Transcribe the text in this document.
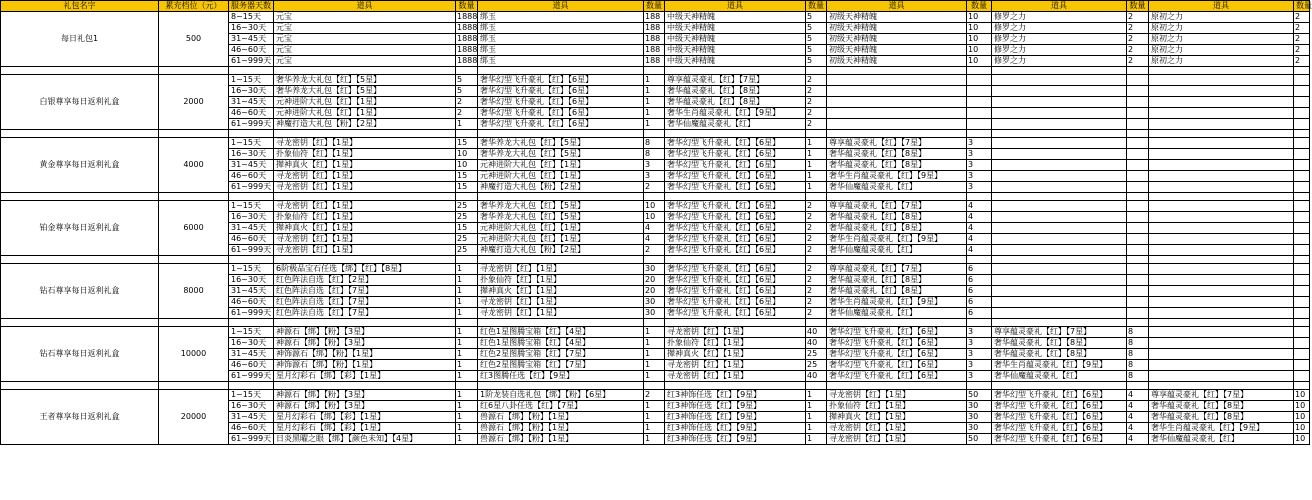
礼包名字	累充档位（元）	服务器天数	道具	数量	道具	数量	道具	数量	道具	数量	道具	数量	道具	数量
每日礼包1	500	8~15天	元宝	1888	绑玉	188	中级天神精魄	5	初级天神精魄	10	修罗之力	2	原初之力	2
		16~30天	元宝	1888	绑玉	188	中级天神精魄	5	初级天神精魄	10	修罗之力	2	原初之力	2
		31~45天	元宝	1888	绑玉	188	中级天神精魄	5	初级天神精魄	10	修罗之力	2	原初之力	2
		46~60天	元宝	1888	绑玉	188	中级天神精魄	5	初级天神精魄	10	修罗之力	2	原初之力	2
		61~999天	元宝	1888	绑玉	188	中级天神精魄	5	初级天神精魄	10	修罗之力	2	原初之力	2

白银尊享每日返利礼盒	2000	1~15天	奢华养龙大礼包【红】【5星】	5	奢华幻型飞升豪礼【红】【6星】	1	尊享蕴灵豪礼【红】【7星】	2						
		16~30天	奢华养龙大礼包【红】【5星】	5	奢华幻型飞升豪礼【红】【6星】	1	奢华蕴灵豪礼【红】【8星】	2						
		31~45天	元神进阶大礼包【红】【1星】	2	奢华幻型飞升豪礼【红】【6星】	1	奢华蕴灵豪礼【红】【8星】	2						
		46~60天	元神进阶大礼包【红】【1星】	2	奢华幻型飞升豪礼【红】【6星】	1	奢华生肖蕴灵豪礼【红】【9星】	2						
		61~999天	神魔打造大礼包【粉】【2星】	1	奢华幻型飞升豪礼【红】【6星】	1	奢华仙魔蕴灵豪礼【红】	2						

黄金尊享每日返利礼盒	4000	1~15天	寻龙密钥【红】【1星】	15	奢华养龙大礼包【红】【5星】	8	奢华幻型飞升豪礼【红】【6星】	1	尊享蕴灵豪礼【红】【7星】	3				
		16~30天	扑象仙符【红】【1星】	10	奢华养龙大礼包【红】【5星】	8	奢华幻型飞升豪礼【红】【6星】	1	奢华蕴灵豪礼【红】【8星】	3				
		31~45天	撵神真火【红】【1星】	10	元神进阶大礼包【红】【1星】	3	奢华幻型飞升豪礼【红】【6星】	1	奢华蕴灵豪礼【红】【8星】	3				
		46~60天	寻龙密钥【红】【1星】	15	元神进阶大礼包【红】【1星】	3	奢华幻型飞升豪礼【红】【6星】	1	奢华生肖蕴灵豪礼【红】【9星】	3				
		61~999天	寻龙密钥【红】【1星】	15	神魔打造大礼包【粉】【2星】	2	奢华幻型飞升豪礼【红】【6星】	1	奢华仙魔蕴灵豪礼【红】	3				

铂金尊享每日返利礼盒	6000	1~15天	寻龙密钥【红】【1星】	25	奢华养龙大礼包【红】【5星】	10	奢华幻型飞升豪礼【红】【6星】	2	尊享蕴灵豪礼【红】【7星】	4				
		16~30天	扑象仙符【红】【1星】	25	奢华养龙大礼包【红】【5星】	10	奢华幻型飞升豪礼【红】【6星】	2	奢华蕴灵豪礼【红】【8星】	4				
		31~45天	撵神真火【红】【1星】	15	元神进阶大礼包【红】【1星】	4	奢华幻型飞升豪礼【红】【6星】	2	奢华蕴灵豪礼【红】【8星】	4				
		46~60天	寻龙密钥【红】【1星】	25	元神进阶大礼包【红】【1星】	4	奢华幻型飞升豪礼【红】【6星】	2	奢华生肖蕴灵豪礼【红】【9星】	4				
		61~999天	寻龙密钥【红】【1星】	25	神魔打造大礼包【粉】【2星】	2	奢华幻型飞升豪礼【红】【6星】	2	奢华仙魔蕴灵豪礼【红】	4				

钻石尊享每日返利礼盒	8000	1~15天	6阶极品宝石任选【绑】【红】【8星】	1	寻龙密钥【红】【1星】	30	奢华幻型飞升豪礼【红】【6星】	2	尊享蕴灵豪礼【红】【7星】	6				
		16~30天	红色阵法自选【红】【2星】	1	扑象仙符【红】【1星】	20	奢华幻型飞升豪礼【红】【6星】	2	奢华蕴灵豪礼【红】【8星】	6				
		31~45天	红色阵法自选【红】【7星】	1	撵神真火【红】【1星】	20	奢华幻型飞升豪礼【红】【6星】	2	奢华蕴灵豪礼【红】【8星】	6				
		46~60天	红色阵法自选【红】【7星】	1	寻龙密钥【红】【1星】	30	奢华幻型飞升豪礼【红】【6星】	2	奢华生肖蕴灵豪礼【红】【9星】	6				
		61~999天	红色阵法自选【红】【7星】	1	寻龙密钥【红】【1星】	30	奢华幻型飞升豪礼【红】【6星】	2	奢华仙魔蕴灵豪礼【红】	6				

钻石尊享每日返利礼盒	10000	1~15天	神源石【绑】【粉】【3星】	1	红色1星图腾宝箱【红】【4星】	1	寻龙密钥【红】【1星】	40	奢华幻型飞升豪礼【红】【6星】	3	尊享蕴灵豪礼【红】【7星】	8		
		16~30天	神源石【绑】【粉】【3星】	1	红色1星图腾宝箱【红】【4星】	1	扑象仙符【红】【1星】	40	奢华幻型飞升豪礼【红】【6星】	3	奢华蕴灵豪礼【红】【8星】	8		
		31~45天	神饰源石【绑】【粉】【1星】	1	红色2星图腾宝箱【红】【7星】	1	撵神真火【红】【1星】	25	奢华幻型飞升豪礼【红】【6星】	3	奢华蕴灵豪礼【红】【8星】	8		
		46~60天	神饰源石【绑】【粉】【1星】	1	红色2星图腾宝箱【红】【7星】	1	寻龙密钥【红】【1星】	25	奢华幻型飞升豪礼【红】【6星】	3	奢华生肖蕴灵豪礼【红】【9星】	8		
		61~999天	星月幻彩石【绑】【彩】【1星】	1	红3图腾任选【红】【9星】	1	寻龙密钥【红】【1星】	40	奢华幻型飞升豪礼【红】【6星】	3	奢华仙魔蕴灵豪礼【红】	8		

王者尊享每日返利礼盒	20000	1~15天	神源石【绑】【粉】【3星】	1	1阶龙装自选礼包【绑】【粉】【6星】	2	红3神饰任选【红】【9星】	1	寻龙密钥【红】【1星】	50	奢华幻型飞升豪礼【红】【6星】	4	尊享蕴灵豪礼【红】【7星】	10
		16~30天	神源石【绑】【粉】【3星】	1	红6星八卦任选【红】【7星】	1	红3神饰任选【红】【9星】	1	扑象仙符【红】【1星】	30	奢华幻型飞升豪礼【红】【6星】	4	奢华蕴灵豪礼【红】【8星】	10
		31~45天	星月幻彩石【绑】【彩】【1星】	1	兽源石【绑】【粉】【1星】	1	红3神饰任选【红】【9星】	1	撵神真火【红】【1星】	30	奢华幻型飞升豪礼【红】【6星】	4	奢华蕴灵豪礼【红】【8星】	10
		46~60天	星月幻彩石【绑】【彩】【1星】	1	兽源石【绑】【粉】【1星】	1	红3神饰任选【红】【9星】	1	寻龙密钥【红】【1星】	30	奢华幻型飞升豪礼【红】【6星】	4	奢华生肖蕴灵豪礼【红】【9星】	10
		61~999天	日炎黑曜之眼【绑】【颜色未知】【4星】	1	兽源石【绑】【粉】【1星】	1	红3神饰任选【红】【9星】	1	寻龙密钥【红】【1星】	50	奢华幻型飞升豪礼【红】【6星】	4	奢华仙魔蕴灵豪礼【红】	10
